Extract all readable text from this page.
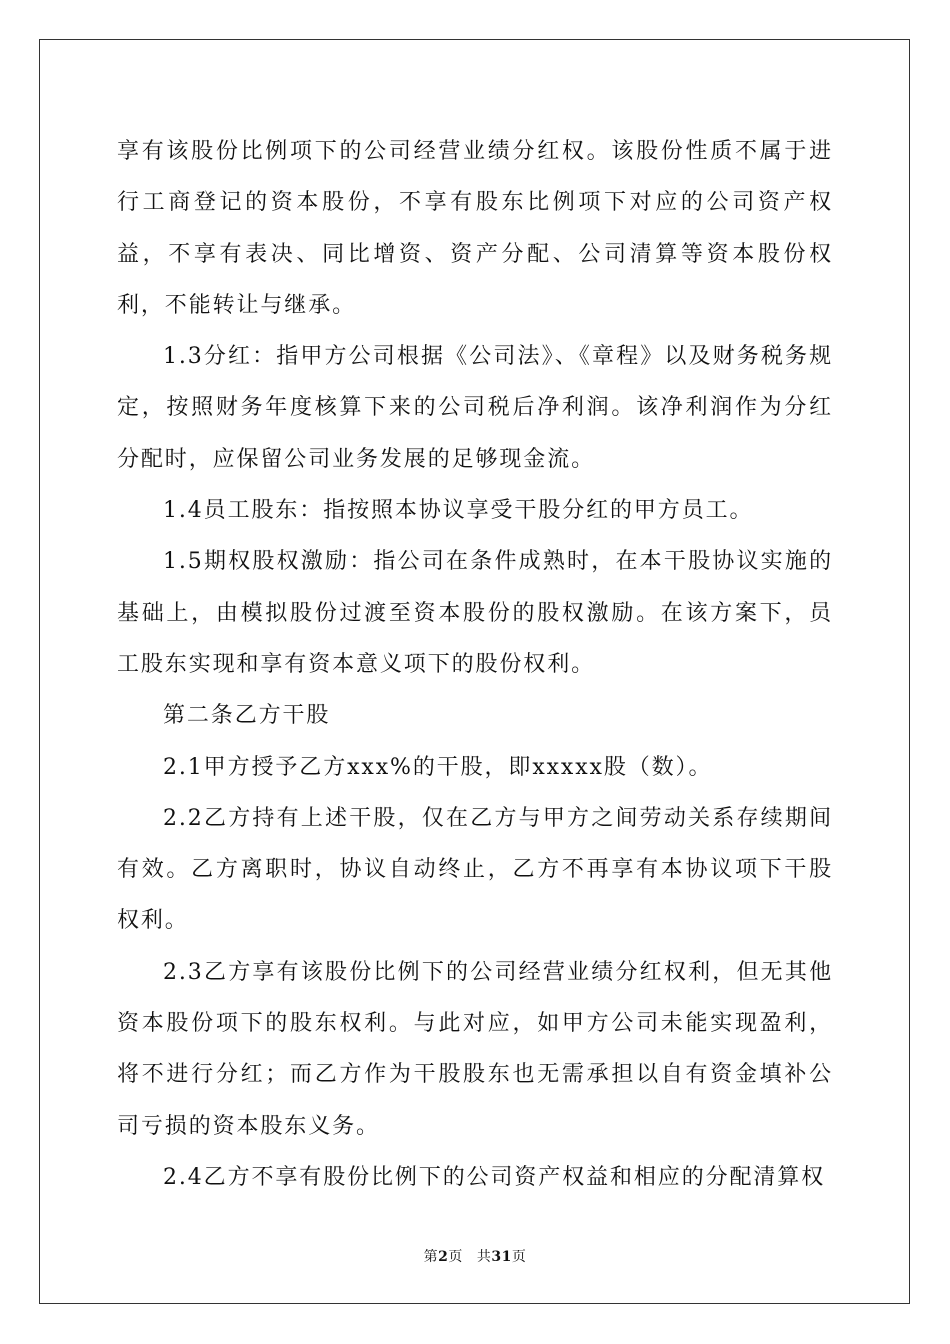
享有该股份比例项下的公司经营业绩分红权。该股份性质不属于进行工商登记的资本股份，不享有股东比例项下对应的公司资产权益，不享有表决、同比增资、资产分配、公司清算等资本股份权利，不能转让与继承。

1.3分红：指甲方公司根据《公司法》、《章程》以及财务税务规定，按照财务年度核算下来的公司税后净利润。该净利润作为分红分配时，应保留公司业务发展的足够现金流。

1.4员工股东：指按照本协议享受干股分红的甲方员工。

1.5期权股权激励：指公司在条件成熟时，在本干股协议实施的基础上，由模拟股份过渡至资本股份的股权激励。在该方案下，员工股东实现和享有资本意义项下的股份权利。

第二条乙方干股

2.1甲方授予乙方xxx%的干股，即xxxxx股（数）。

2.2乙方持有上述干股，仅在乙方与甲方之间劳动关系存续期间有效。乙方离职时，协议自动终止，乙方不再享有本协议项下干股权利。

2.3乙方享有该股份比例下的公司经营业绩分红权利，但无其他资本股份项下的股东权利。与此对应，如甲方公司未能实现盈利，将不进行分红；而乙方作为干股股东也无需承担以自有资金填补公司亏损的资本股东义务。

2.4乙方不享有股份比例下的公司资产权益和相应的分配清算权

第2页 共31页
